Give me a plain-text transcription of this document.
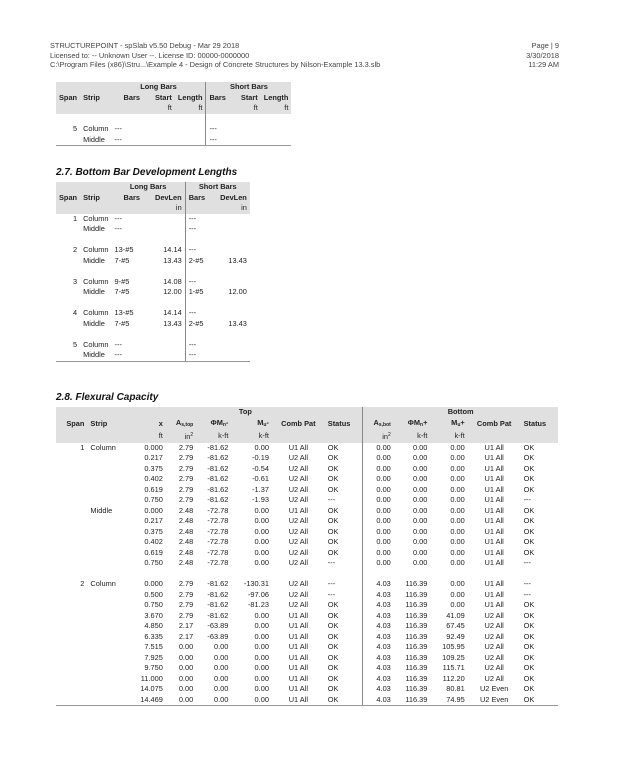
STRUCTUREPOINT - spSlab v5.50 Debug - Mar 29 2018
Licensed to: -- Unknown User --. License ID: 00000-0000000
C:\Program Files (x86)\Stru...\Example 4 - Design of Concrete Structures by Nilson-Example 13.3.slb
Page | 9
3/30/2018
11:29 AM
		Long Bars			Short Bars		
Span	Strip	Bars	Start	Length	Bars	Start	Length
			ft	ft		ft	ft

5	Column	---			---		
	Middle	---			---		
2.7. Bottom Bar Development Lengths
		Long Bars		Short Bars	
Span	Strip	Bars	DevLen	Bars	DevLen
			in		in
1	Column	---		---	
	Middle	---		---	

2	Column	13-#5	14.14	---	
	Middle	7-#5	13.43	2-#5	13.43

3	Column	9-#5	14.08	---	
	Middle	7-#5	12.00	1-#5	12.00

4	Column	13-#5	14.14	---	
	Middle	7-#5	13.43	2-#5	13.43

5	Column	---		---	
	Middle	---		---	
2.8. Flexural Capacity
		Top						Bottom				
Span	Strip	x	$A_{s,top}$	$\Phi M_n-$	$M_u-$	Comb Pat	Status	$A_{s,bot}$	$\Phi M_n+$	$M_u+$	Comb Pat	Status
		ft	$in^2$	k-ft	k-ft			$in^2$	k-ft	k-ft		
1	Column	0.000	2.79	-81.62	0.00	U1 All	OK	0.00	0.00	0.00	U1 All	OK
		0.217	2.79	-81.62	-0.19	U2 All	OK	0.00	0.00	0.00	U1 All	OK
		0.375	2.79	-81.62	-0.54	U2 All	OK	0.00	0.00	0.00	U1 All	OK
		0.402	2.79	-81.62	-0.61	U2 All	OK	0.00	0.00	0.00	U1 All	OK
		0.619	2.79	-81.62	-1.37	U2 All	OK	0.00	0.00	0.00	U1 All	OK
		0.750	2.79	-81.62	-1.93	U2 All	---	0.00	0.00	0.00	U1 All	---
	Middle	0.000	2.48	-72.78	0.00	U1 All	OK	0.00	0.00	0.00	U1 All	OK
		0.217	2.48	-72.78	0.00	U2 All	OK	0.00	0.00	0.00	U1 All	OK
		0.375	2.48	-72.78	0.00	U2 All	OK	0.00	0.00	0.00	U1 All	OK
		0.402	2.48	-72.78	0.00	U2 All	OK	0.00	0.00	0.00	U1 All	OK
		0.619	2.48	-72.78	0.00	U2 All	OK	0.00	0.00	0.00	U1 All	OK
		0.750	2.48	-72.78	0.00	U2 All	---	0.00	0.00	0.00	U1 All	---

2	Column	0.000	2.79	-81.62	-130.31	U2 All	---	4.03	116.39	0.00	U1 All	---
		0.500	2.79	-81.62	-97.06	U2 All	---	4.03	116.39	0.00	U1 All	---
		0.750	2.79	-81.62	-81.23	U2 All	OK	4.03	116.39	0.00	U1 All	OK
		3.670	2.79	-81.62	0.00	U1 All	OK	4.03	116.39	41.09	U2 All	OK
		4.850	2.17	-63.89	0.00	U1 All	OK	4.03	116.39	67.45	U2 All	OK
		6.335	2.17	-63.89	0.00	U1 All	OK	4.03	116.39	92.49	U2 All	OK
		7.515	0.00	0.00	0.00	U1 All	OK	4.03	116.39	105.95	U2 All	OK
		7.925	0.00	0.00	0.00	U1 All	OK	4.03	116.39	109.25	U2 All	OK
		9.750	0.00	0.00	0.00	U1 All	OK	4.03	116.39	115.71	U2 All	OK
		11.000	0.00	0.00	0.00	U1 All	OK	4.03	116.39	112.20	U2 All	OK
		14.075	0.00	0.00	0.00	U1 All	OK	4.03	116.39	80.81	U2 Even	OK
		14.469	0.00	0.00	0.00	U1 All	OK	4.03	116.39	74.95	U2 Even	OK
